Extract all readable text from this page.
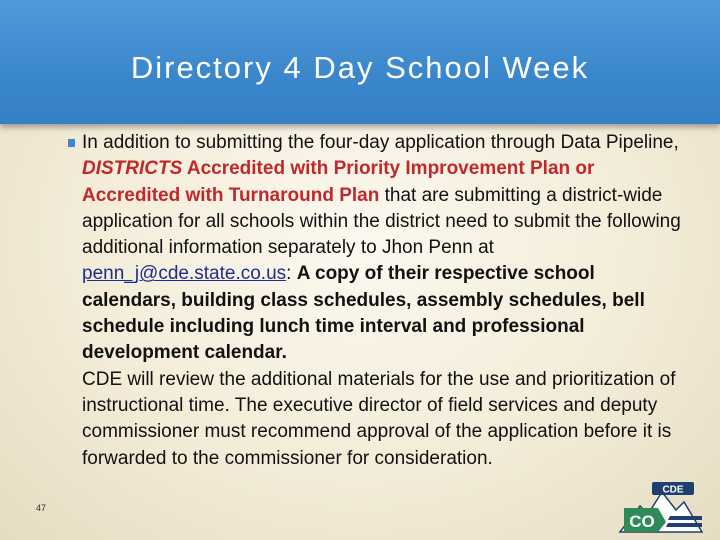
Directory 4 Day School Week
In addition to submitting the four-day application through Data Pipeline, DISTRICTS Accredited with Priority Improvement Plan or Accredited with Turnaround Plan that are submitting a district-wide application for all schools within the district need to submit the following additional information separately to Jhon Penn at penn_j@cde.state.co.us: A copy of their respective school calendars, building class schedules, assembly schedules, bell schedule including lunch time interval and professional development calendar.
CDE will review the additional materials for the use and prioritization of instructional time. The executive director of field services and deputy commissioner must recommend approval of the application before it is forwarded to the commissioner for consideration.
47
CDE
CO
